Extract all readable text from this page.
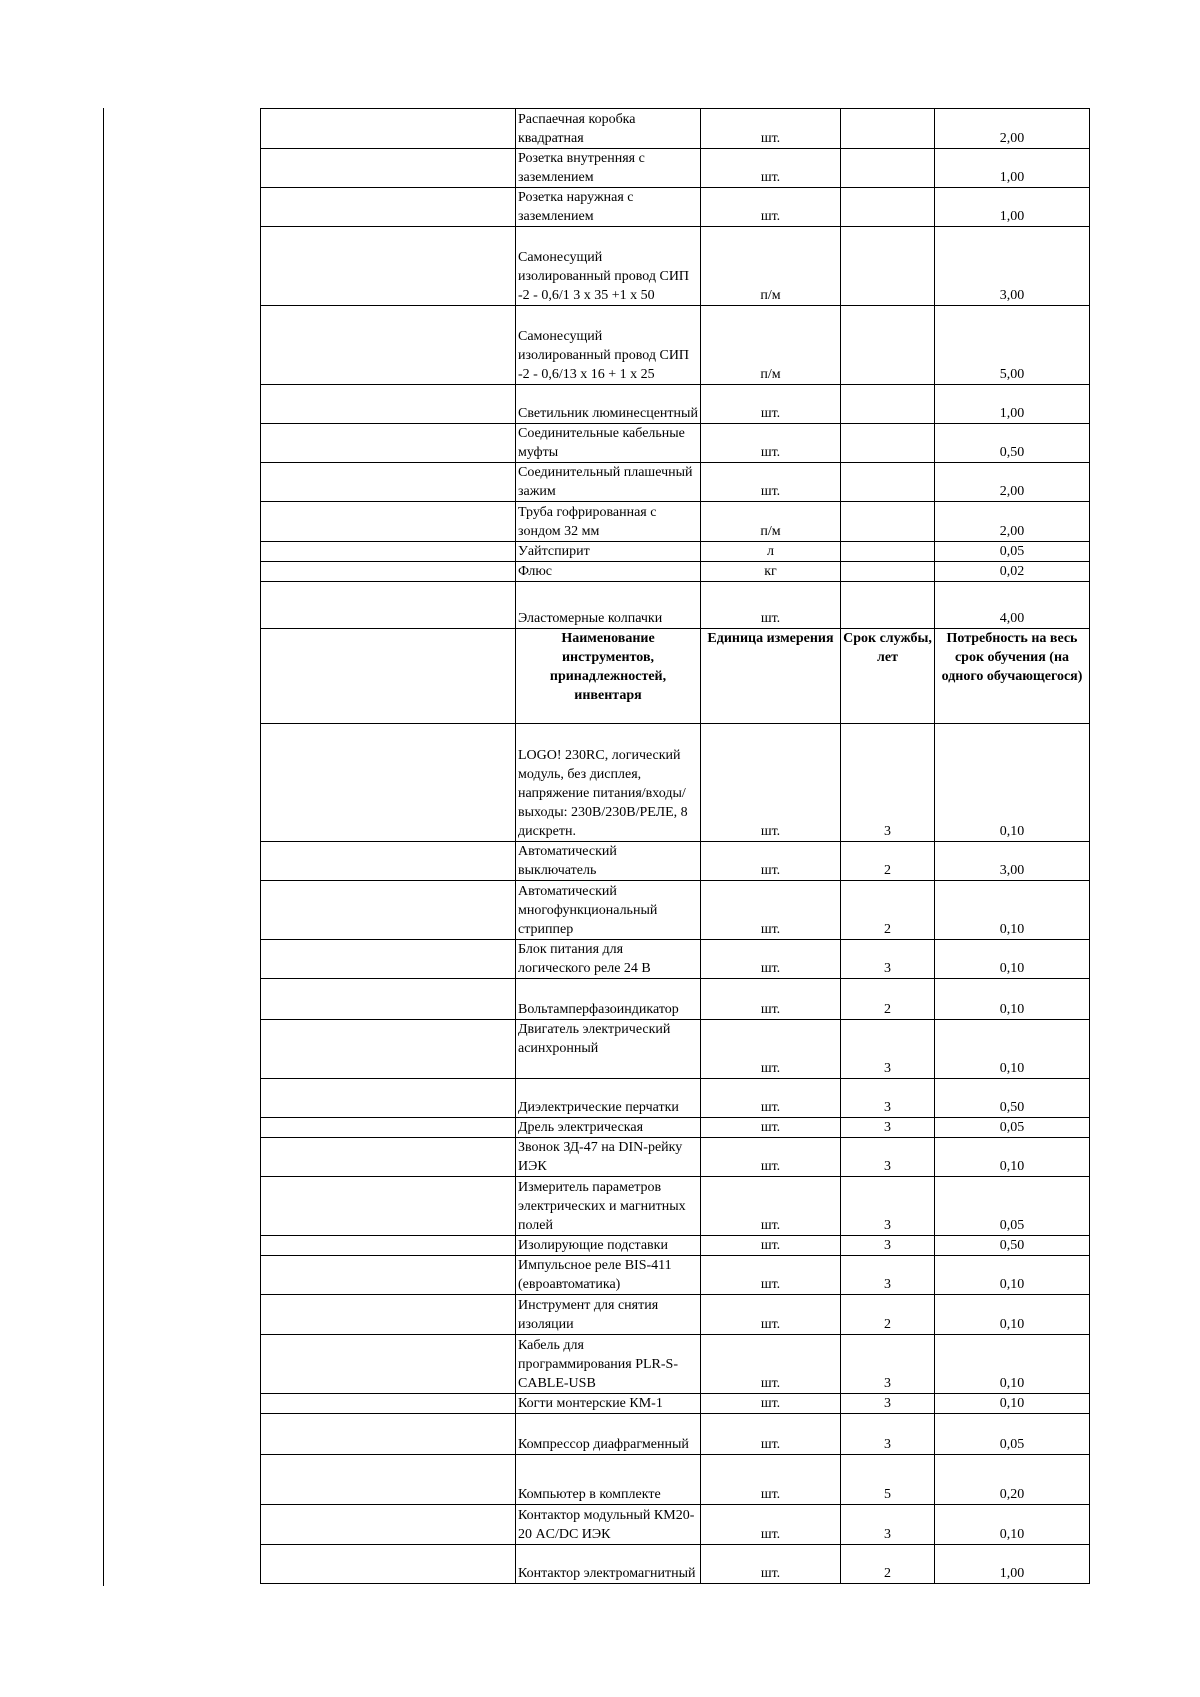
	Распаечная коробка квадратная	шт.		2,00
	Розетка внутренняя с заземлением	шт.		1,00
	Розетка наружная с заземлением	шт.		1,00
	Самонесущий изолированный провод СИП -2 - 0,6/1 3 х 35 +1 х 50	п/м		3,00
	Самонесущий изолированный провод СИП -2 - 0,6/13 х 16 + 1 х 25	п/м		5,00
	Светильник люминесцентный	шт.		1,00
	Соединительные кабельные муфты	шт.		0,50
	Соединительный плашечный зажим	шт.		2,00
	Труба гофрированная с зондом 32 мм	п/м		2,00
	Уайтспирит	л		0,05
	Флюс	кг		0,02
	Эластомерные колпачки	шт.		4,00
	Наименование инструментов, принадлежностей, инвентаря	Единица измерения	Срок службы, лет	Потребность на весь срок обучения (на одного обучающегося)
	LOGO! 230RC, логический модуль, без дисплея, напряжение питания/входы/выходы: 230В/230В/РЕЛЕ, 8 дискретн.	шт.	3	0,10
	Автоматический выключатель	шт.	2	3,00
	Автоматический многофункциональный стриппер	шт.	2	0,10
	Блок питания для логического реле 24 В	шт.	3	0,10
	Вольтамперфазоиндикатор	шт.	2	0,10
	Двигатель электрический асинхронный	шт.	3	0,10
	Диэлектрические перчатки	шт.	3	0,50
	Дрель электрическая	шт.	3	0,05
	Звонок ЗД-47 на DIN-рейку ИЭК	шт.	3	0,10
	Измеритель параметров электрических и магнитных полей	шт.	3	0,05
	Изолирующие подставки	шт.	3	0,50
	Импульсное реле BIS-411 (евроавтоматика)	шт.	3	0,10
	Инструмент для снятия изоляции	шт.	2	0,10
	Кабель для программирования PLR-S-CABLE-USB	шт.	3	0,10
	Когти монтерские КМ-1	шт.	3	0,10
	Компрессор диафрагменный	шт.	3	0,05
	Компьютер в комплекте	шт.	5	0,20
	Контактор модульный КМ20-20 AC/DC ИЭК	шт.	3	0,10
	Контактор электромагнитный	шт.	2	1,00
